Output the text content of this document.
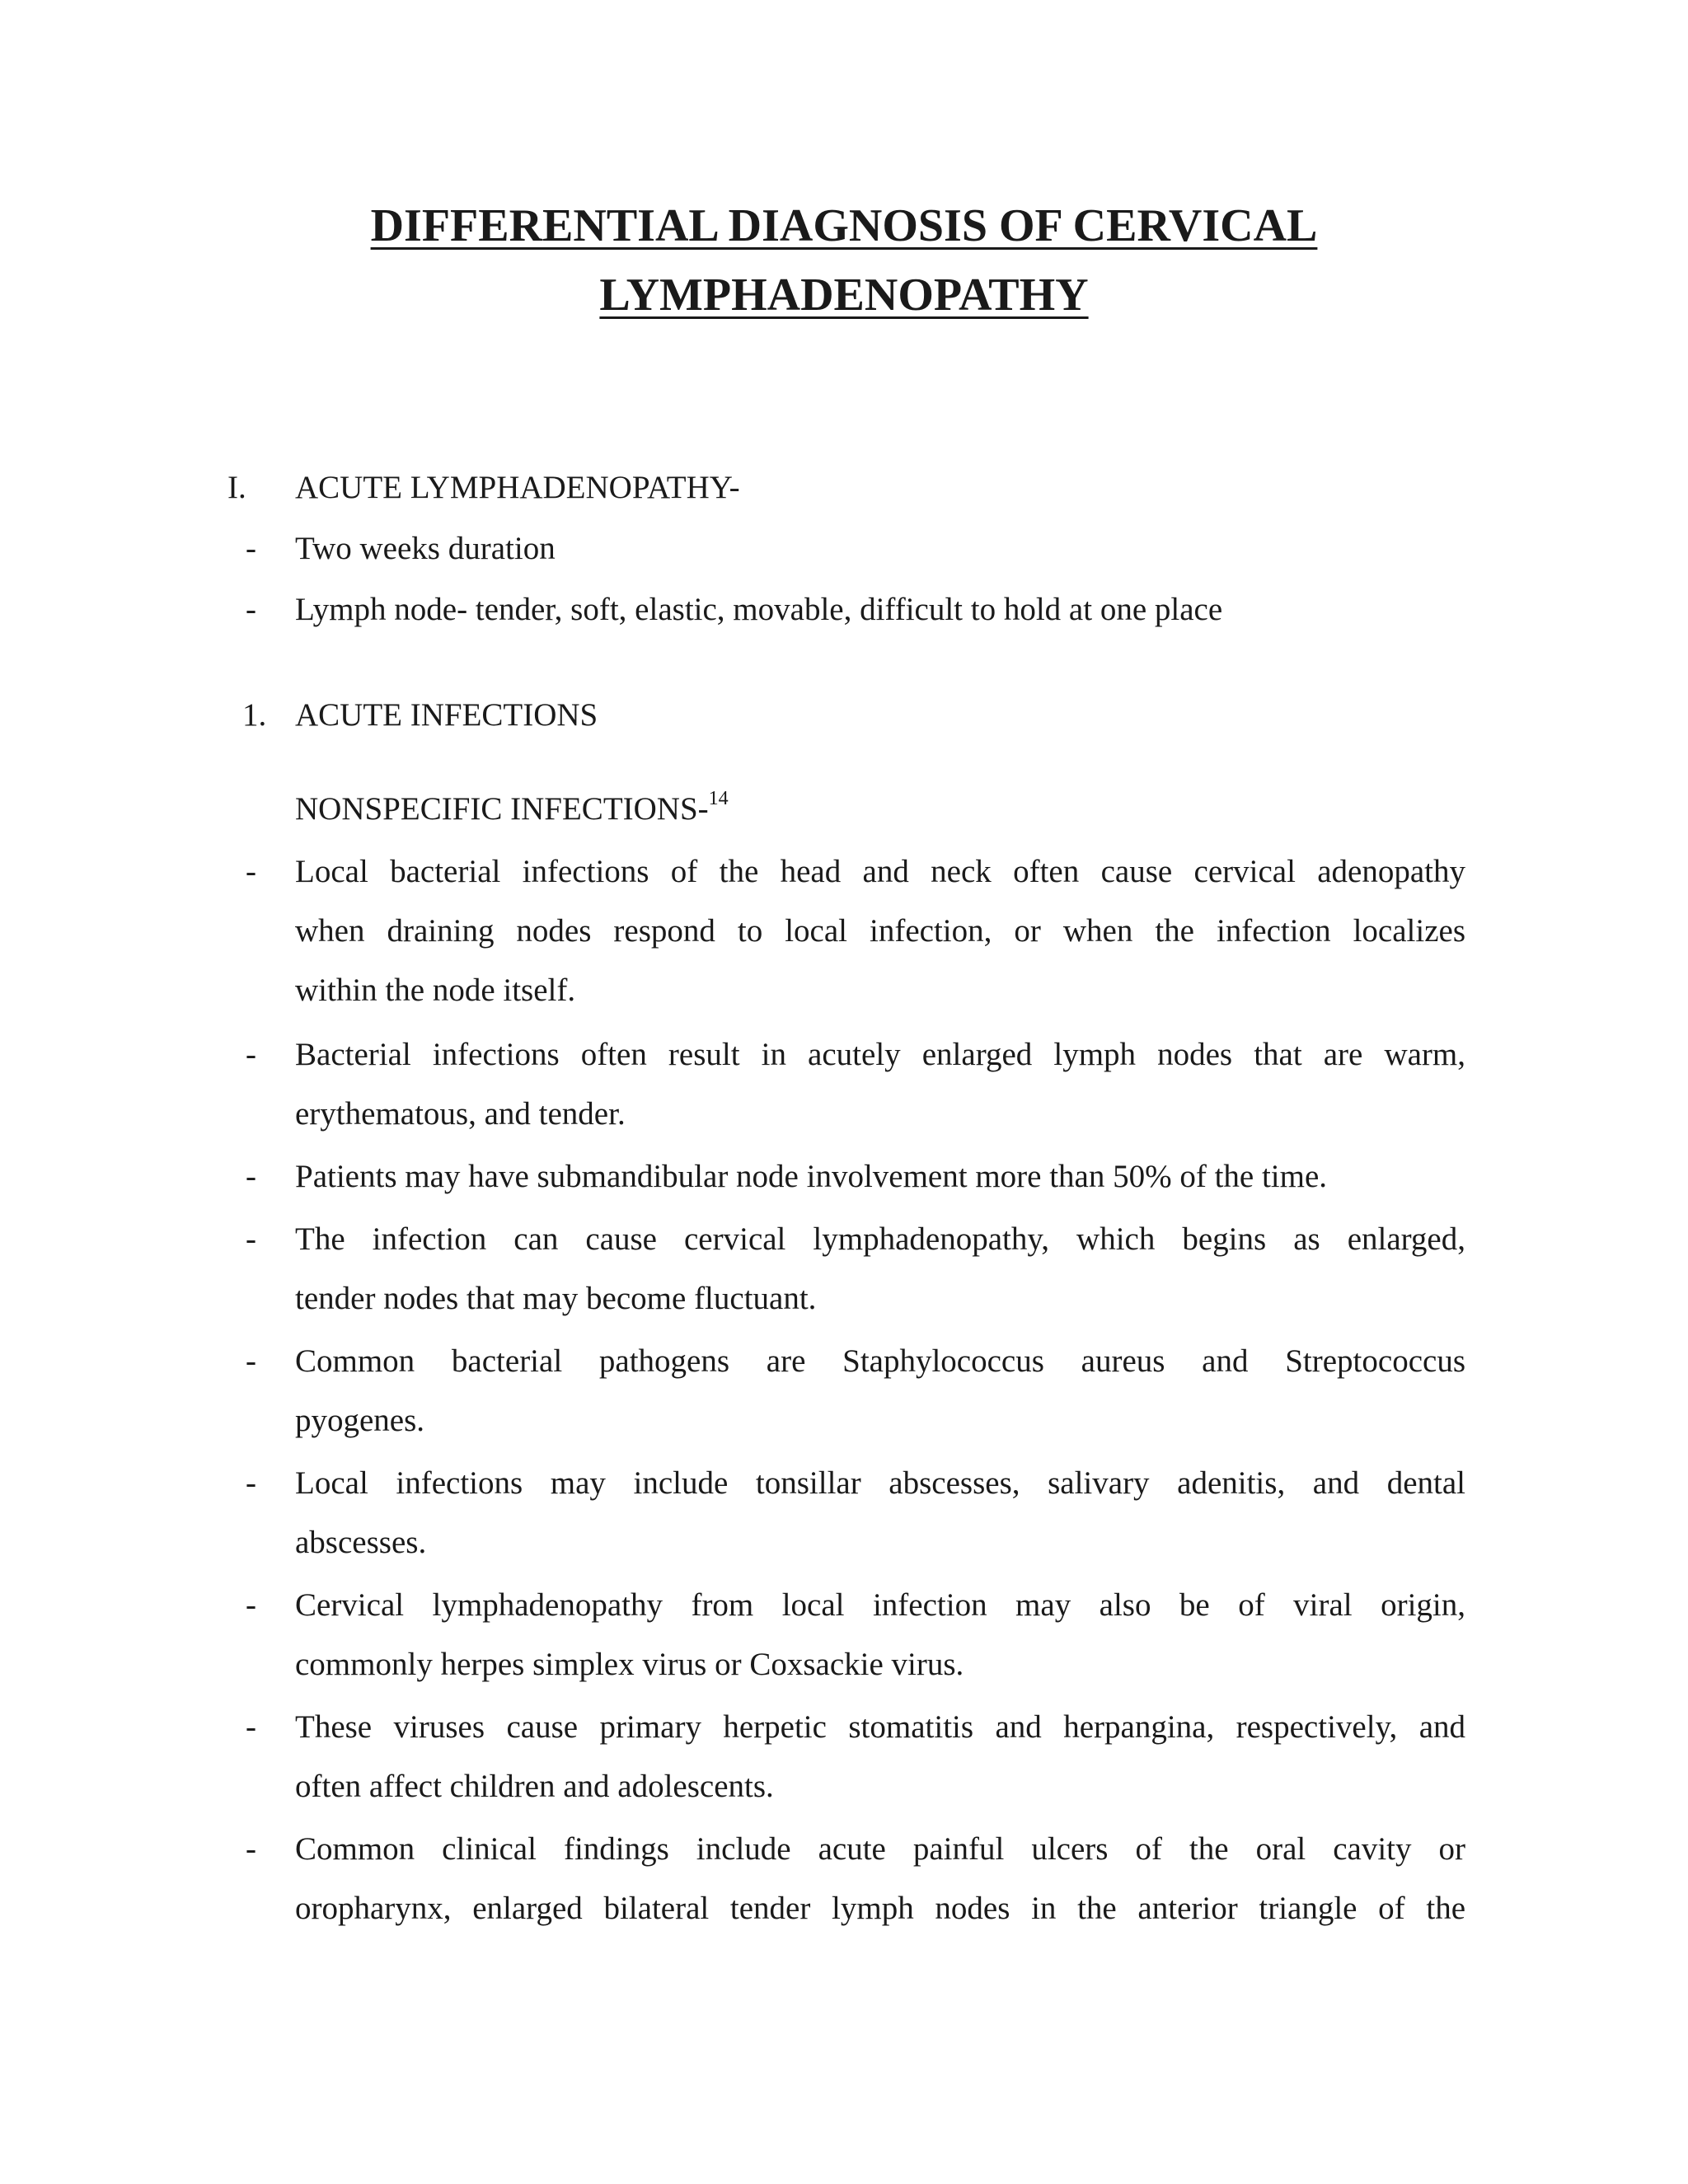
DIFFERENTIAL DIAGNOSIS OF CERVICAL
LYMPHADENOPATHY
I. ACUTE LYMPHADENOPATHY-
- Two weeks duration
- Lymph node- tender, soft, elastic, movable, difficult to hold at one place
1. ACUTE INFECTIONS
NONSPECIFIC INFECTIONS-$^{14}$
- Local bacterial infections of the head and neck often cause cervical adenopathy
when draining nodes respond to local infection, or when the infection localizes
within the node itself.
- Bacterial infections often result in acutely enlarged lymph nodes that are warm,
erythematous, and tender.
- Patients may have submandibular node involvement more than 50% of the time.
- The infection can cause cervical lymphadenopathy, which begins as enlarged,
tender nodes that may become fluctuant.
- Common bacterial pathogens are Staphylococcus aureus and Streptococcus
pyogenes.
- Local infections may include tonsillar abscesses, salivary adenitis, and dental
abscesses.
- Cervical lymphadenopathy from local infection may also be of viral origin,
commonly herpes simplex virus or Coxsackie virus.
- These viruses cause primary herpetic stomatitis and herpangina, respectively, and
often affect children and adolescents.
- Common clinical findings include acute painful ulcers of the oral cavity or
oropharynx, enlarged bilateral tender lymph nodes in the anterior triangle of the
